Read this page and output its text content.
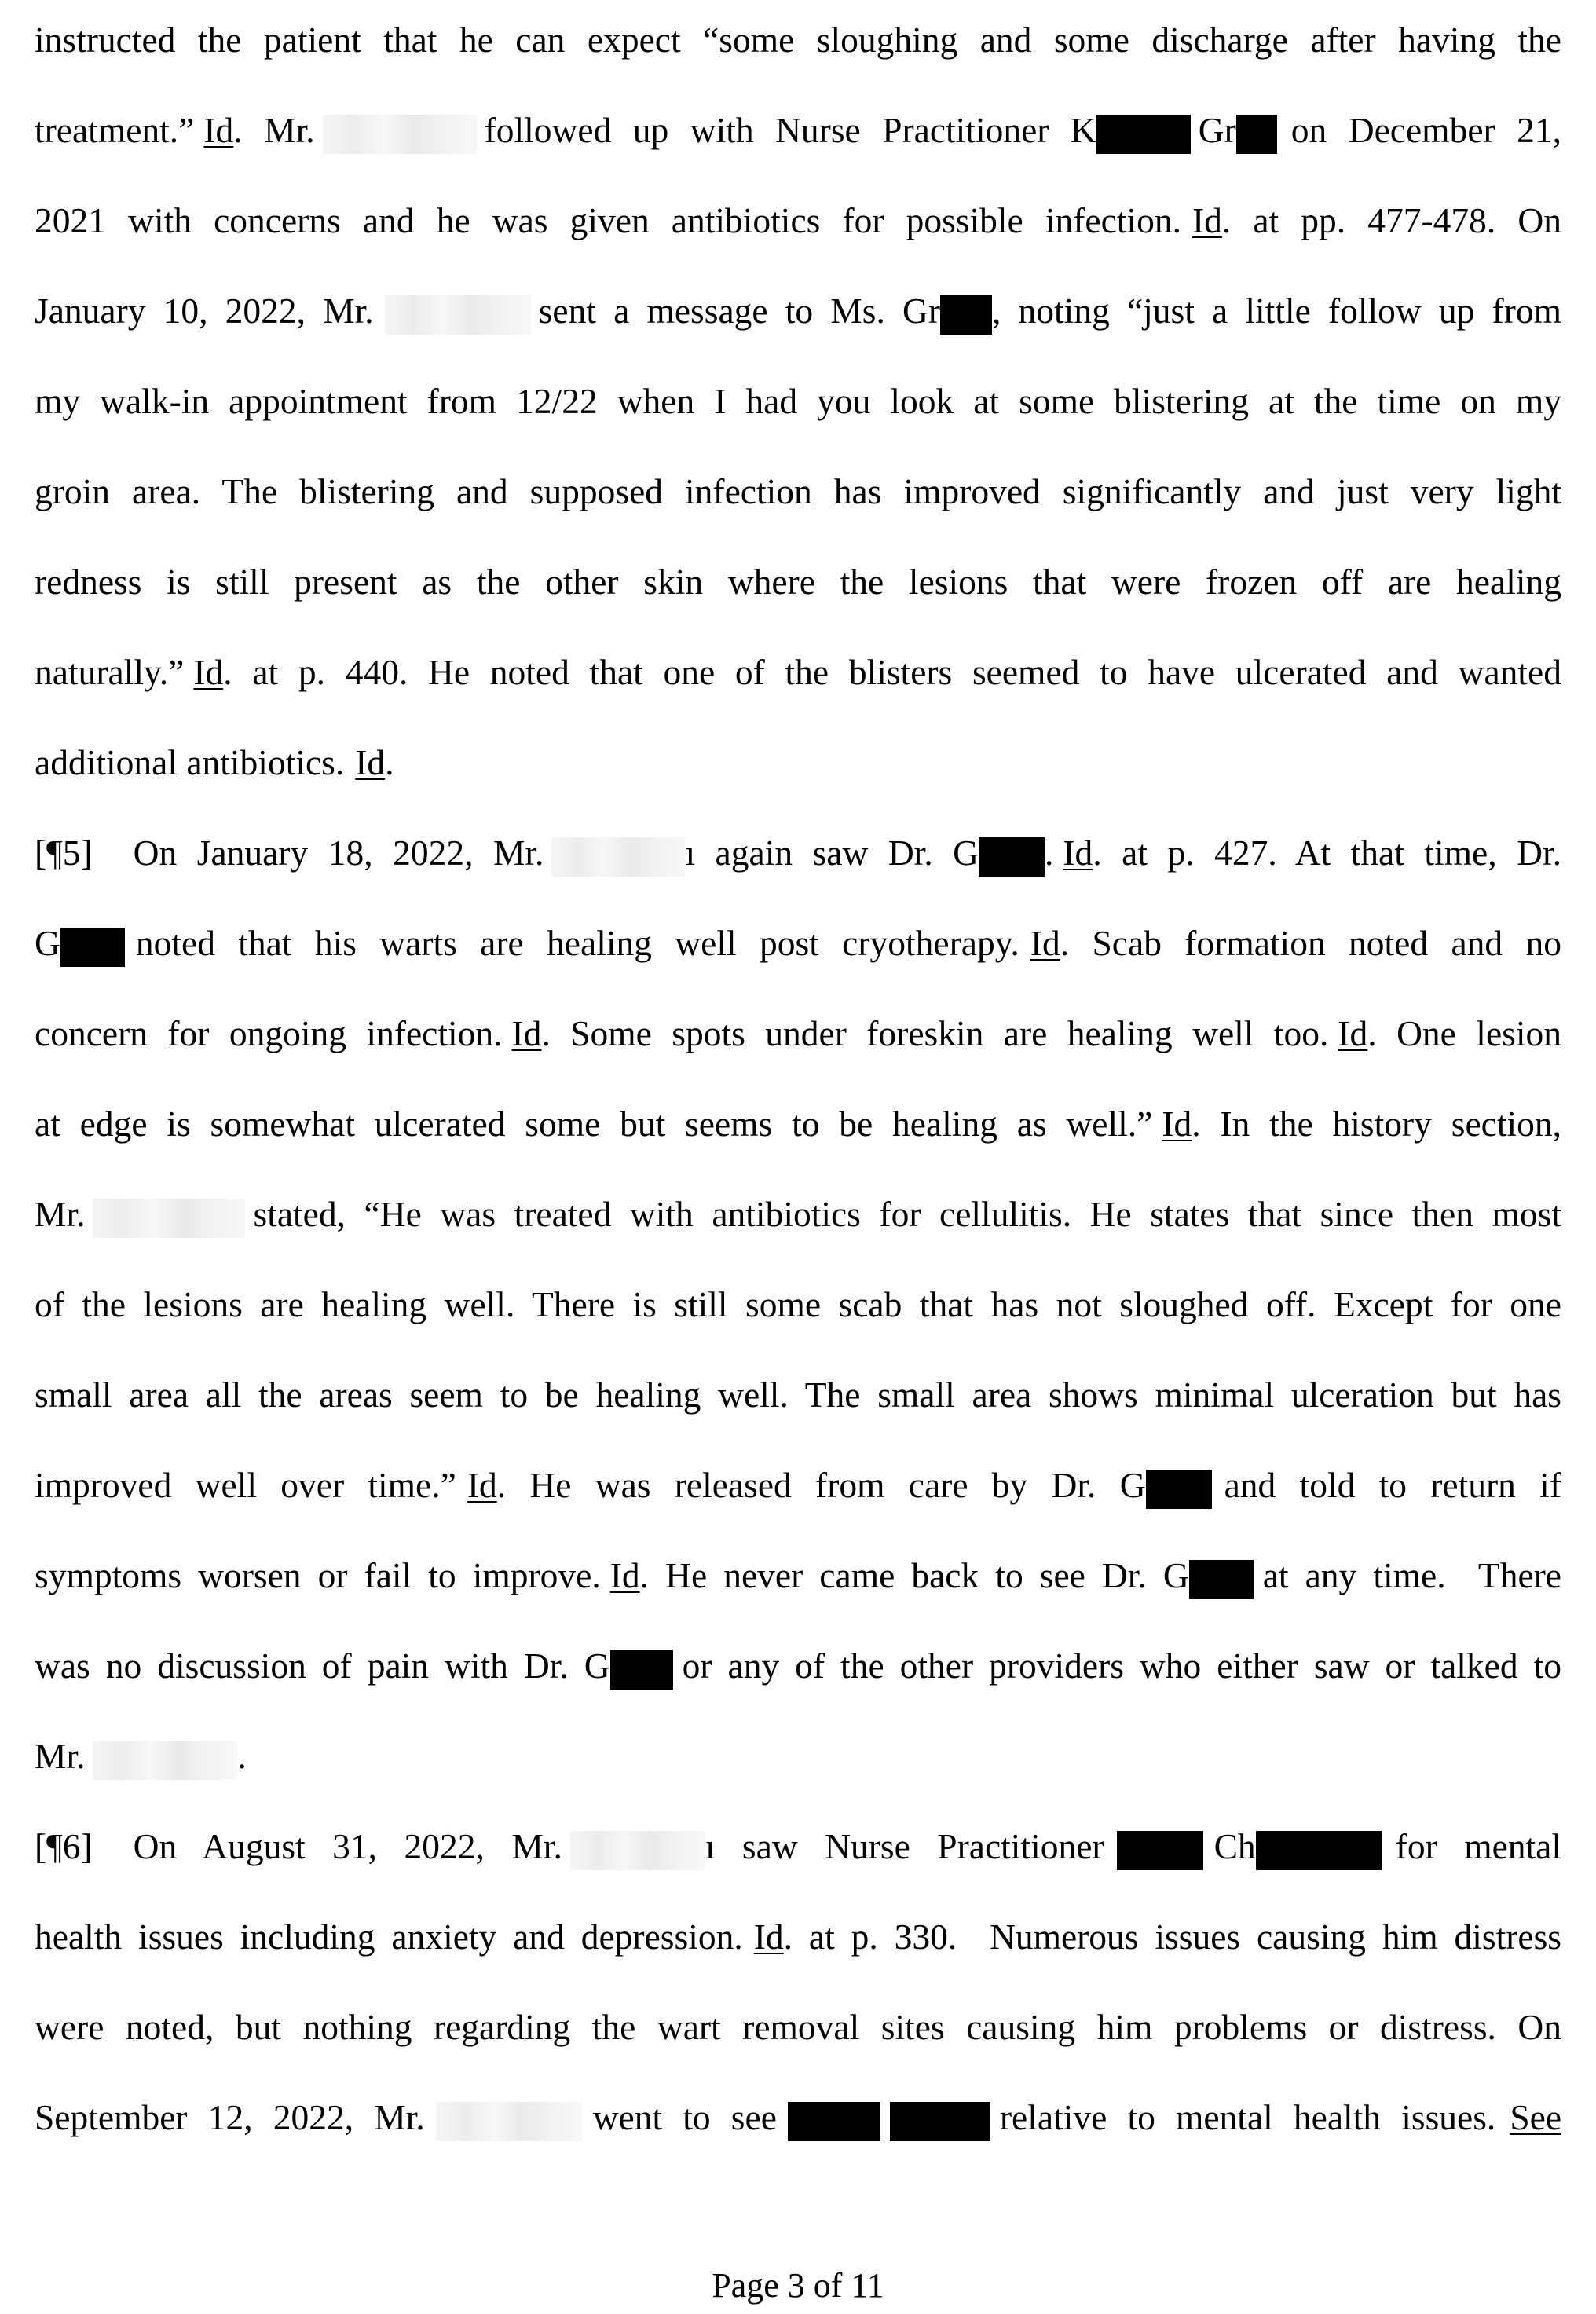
instructed the patient that he can expect “some sloughing and some discharge after having the
treatment.” Id. Mr.	followed up with Nurse Practitioner K	Gr on December 21,
2021 with concerns and he was given antibiotics for possible infection. Id. at pp. 477-478. On
January 10, 2022, Mr.	sent a message to Ms. Gr , noting “just a little follow up from
my walk-in appointment from 12/22 when I had you look at some blistering at the time on my
groin area. The blistering and supposed infection has improved significantly and just very light
redness is still present as the other skin where the lesions that were frozen off are healing
naturally.” Id. at p. 440. He noted that one of the blisters seemed to have ulcerated and wanted
additional antibiotics. Id.
[¶5] On January 18, 2022, Mr.	ı again saw Dr. G . Id. at p. 427. At that time, Dr.
G noted that his warts are healing well post cryotherapy. Id. Scab formation noted and no
concern for ongoing infection. Id. Some spots under foreskin are healing well too. Id. One lesion
at edge is somewhat ulcerated some but seems to be healing as well.” Id. In the history section,
Mr.	stated, “He was treated with antibiotics for cellulitis. He states that since then most
of the lesions are healing well. There is still some scab that has not sloughed off. Except for one
small area all the areas seem to be healing well. The small area shows minimal ulceration but has
improved well over time.” Id. He was released from care by Dr. G and told to return if
symptoms worsen or fail to improve. Id. He never came back to see Dr. G at any time.  There
was no discussion of pain with Dr. G or any of the other providers who either saw or talked to
Mr.	.
[¶6] On August 31, 2022, Mr.	ı saw Nurse Practitioner	Ch	for mental
health issues including anxiety and depression. Id. at p. 330.  Numerous issues causing him distress
were noted, but nothing regarding the wart removal sites causing him problems or distress. On
September 12, 2022, Mr.	went to see	relative to mental health issues. See
Page 3 of 11
